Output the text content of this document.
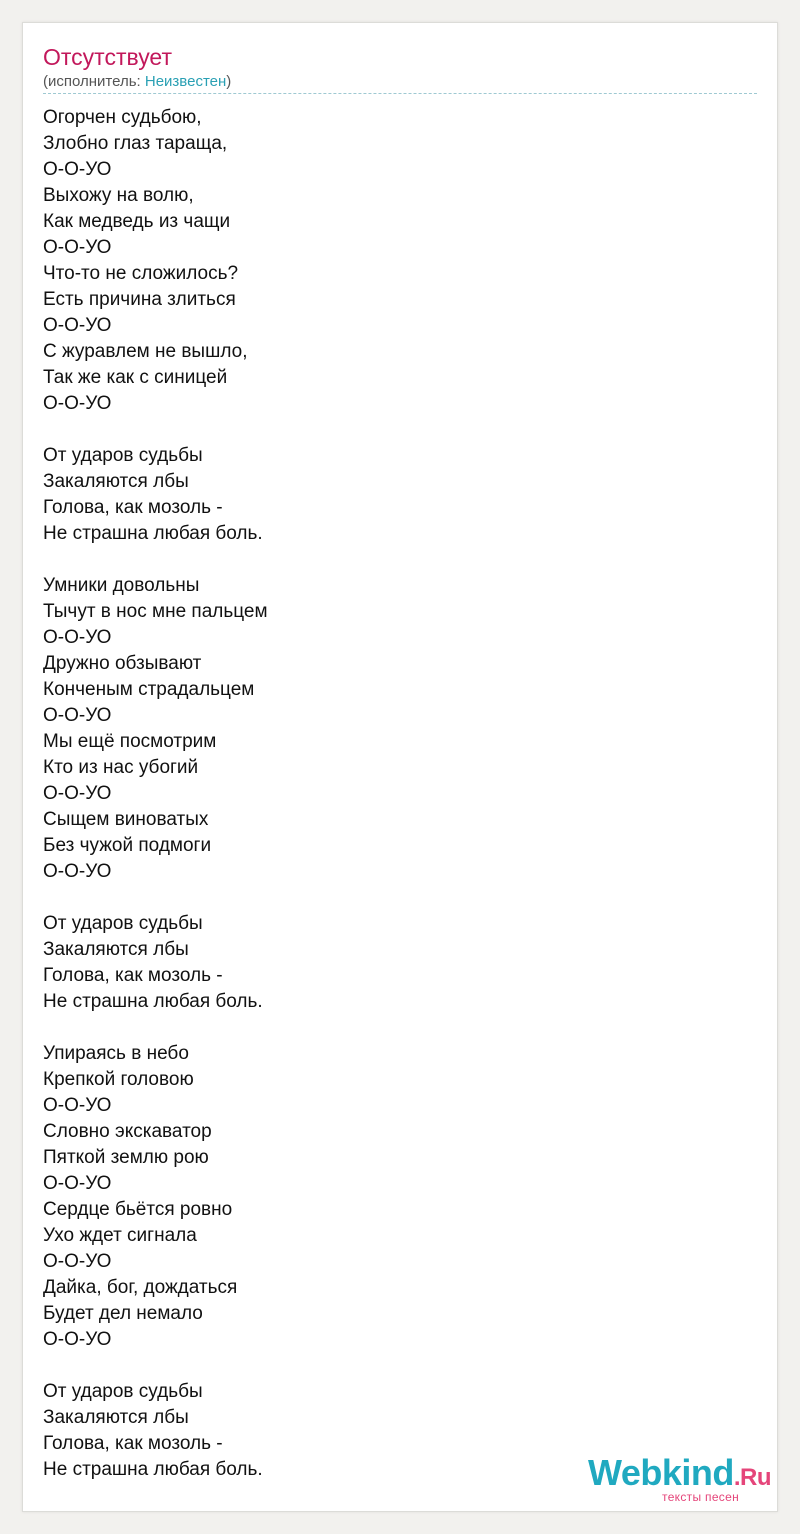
Отсутствует
(исполнитель: Неизвестен)
Огорчен судьбою,
Злобно глаз тараща,
О-О-УО
Выхожу на волю,
Как медведь из чащи
О-О-УО
Что-то не сложилось?
Есть причина злиться
О-О-УО
С журавлем не вышло,
Так же как с синицей
О-О-УО
От ударов судьбы
Закаляются лбы
Голова, как мозоль -
Не страшна любая боль.
Умники довольны
Тычут в нос мне пальцем
О-О-УО
Дружно обзывают
Конченым страдальцем
О-О-УО
Мы ещё посмотрим
Кто из нас убогий
О-О-УО
Сыщем виноватых
Без чужой подмоги
О-О-УО
От ударов судьбы
Закаляются лбы
Голова, как мозоль -
Не страшна любая боль.
Упираясь в небо
Крепкой головою
О-О-УО
Словно экскаватор
Пяткой землю рою
О-О-УО
Сердце бьётся ровно
Ухо ждет сигнала
О-О-УО
Дайка, бог, дождаться
Будет дел немало
О-О-УО
От ударов судьбы
Закаляются лбы
Голова, как мозоль -
Не страшна любая боль.	Webkind.Ru
тексты песен
